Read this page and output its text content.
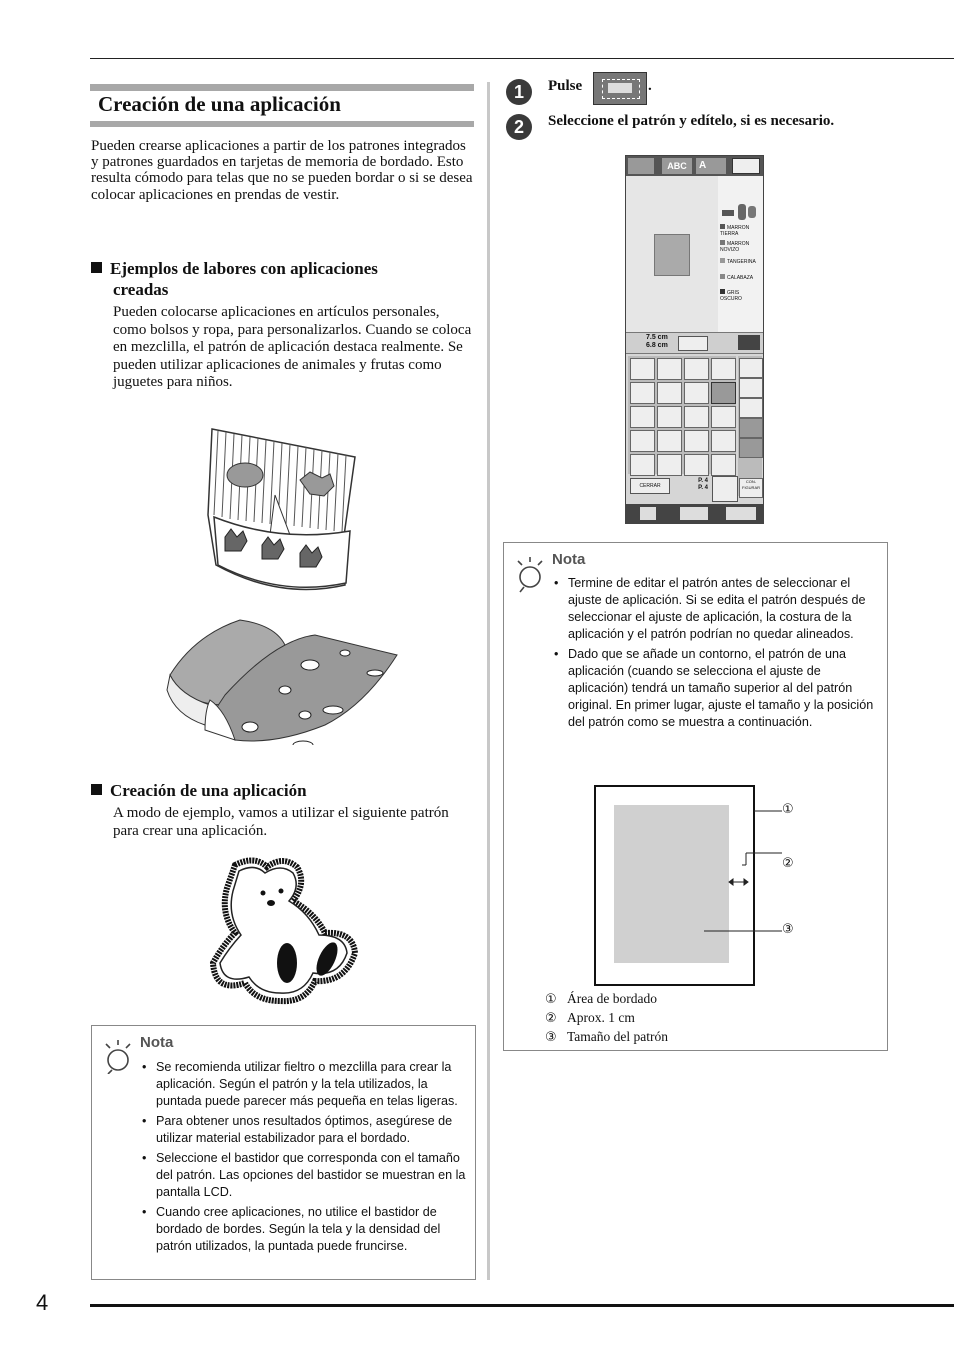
4
Creación de una aplicación
Pueden crearse aplicaciones a partir de los patrones integrados y patrones guardados en tarjetas de memoria de bordado. Esto resulta cómodo para telas que no se pueden bordar o si se desea colocar aplicaciones en prendas de vestir.
Ejemplos de labores con aplicaciones
creadas
Pueden colocarse aplicaciones en artículos personales, como bolsos y ropa, para personalizarlos. Cuando se coloca en mezclilla, el patrón de aplicación destaca realmente. Se pueden utilizar aplicaciones de animales y frutas como juguetes para niños.
Creación de una aplicación
A modo de ejemplo, vamos a utilizar el siguiente patrón para crear una aplicación.
Nota
• Se recomienda utilizar fieltro o mezclilla para crear la aplicación. Según el patrón y la tela utilizados, la puntada puede parecer más pequeña en telas ligeras.
• Para obtener unos resultados óptimos, asegúrese de utilizar material estabilizador para el bordado.
• Seleccione el bastidor que corresponda con el tamaño del patrón. Las opciones del bastidor se muestran en la pantalla LCD.
• Cuando cree aplicaciones, no utilice el bastidor de bordado de bordes. Según la tela y la densidad del patrón utilizados, la puntada puede fruncirse.
1	Pulse	.
2	Seleccione el patrón y edítelo, si es necesario.
ABC	A
MARRON TIERRA
MARRON NOVIZO
TANGERINA
CALABAZA
GRIS OSCURO
7.5 cm
6.8 cm
CON-FIGURAR
CERRAR
P. 4
P. 4
Nota
• Termine de editar el patrón antes de seleccionar el ajuste de aplicación. Si se edita el patrón después de seleccionar el ajuste de aplicación, la costura de la aplicación y el patrón podrían no quedar alineados.
• Dado que se añade un contorno, el patrón de una aplicación (cuando se selecciona el ajuste de aplicación) tendrá un tamaño superior al del patrón original. En primer lugar, ajuste el tamaño y la posición del patrón como se muestra a continuación.
①
②
③
① Área de bordado
② Aprox. 1 cm
③ Tamaño del patrón
